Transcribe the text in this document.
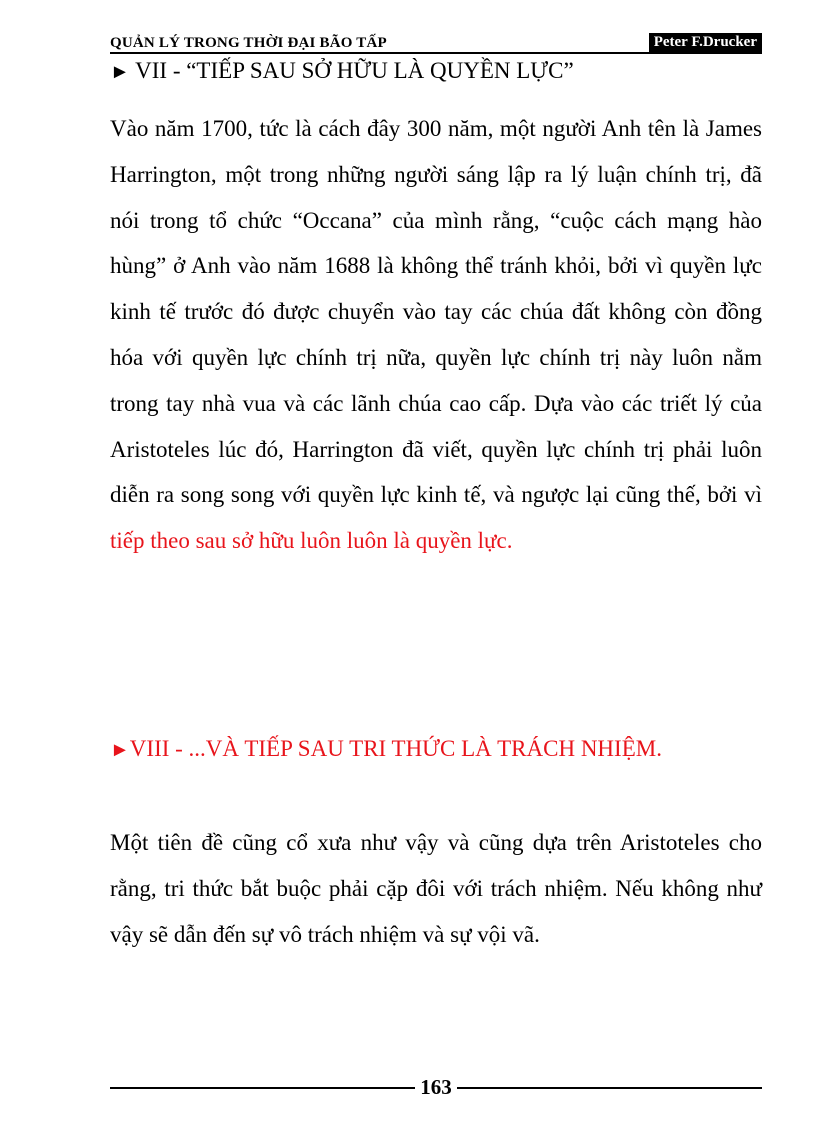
QUẢN LÝ TRONG THỜI ĐẠI BÃO TẤP	Peter F.Drucker
► VII - “TIẾP SAU SỞ HỮU LÀ QUYỀN LỰC”
Vào năm 1700, tức là cách đây 300 năm, một người Anh tên là James Harrington, một trong những người sáng lập ra lý luận chính trị, đã nói trong tổ chức “Occana” của mình rằng, “cuộc cách mạng hào hùng” ở Anh vào năm 1688 là không thể tránh khỏi, bởi vì quyền lực kinh tế trước đó được chuyển vào tay các chúa đất không còn đồng hóa với quyền lực chính trị nữa, quyền lực chính trị này luôn nằm trong tay nhà vua và các lãnh chúa cao cấp. Dựa vào các triết lý của Aristoteles lúc đó, Harrington đã viết, quyền lực chính trị phải luôn diễn ra song song với quyền lực kinh tế, và ngược lại cũng thế, bởi vì tiếp theo sau sở hữu luôn luôn là quyền lực.
►VIII - ...VÀ TIẾP SAU TRI THỨC LÀ TRÁCH NHIỆM.
Một tiên đề cũng cổ xưa như vậy và cũng dựa trên Aristoteles cho rằng, tri thức bắt buộc phải cặp đôi với trách nhiệm. Nếu không như vậy sẽ dẫn đến sự vô trách nhiệm và sự vội vã.
163
